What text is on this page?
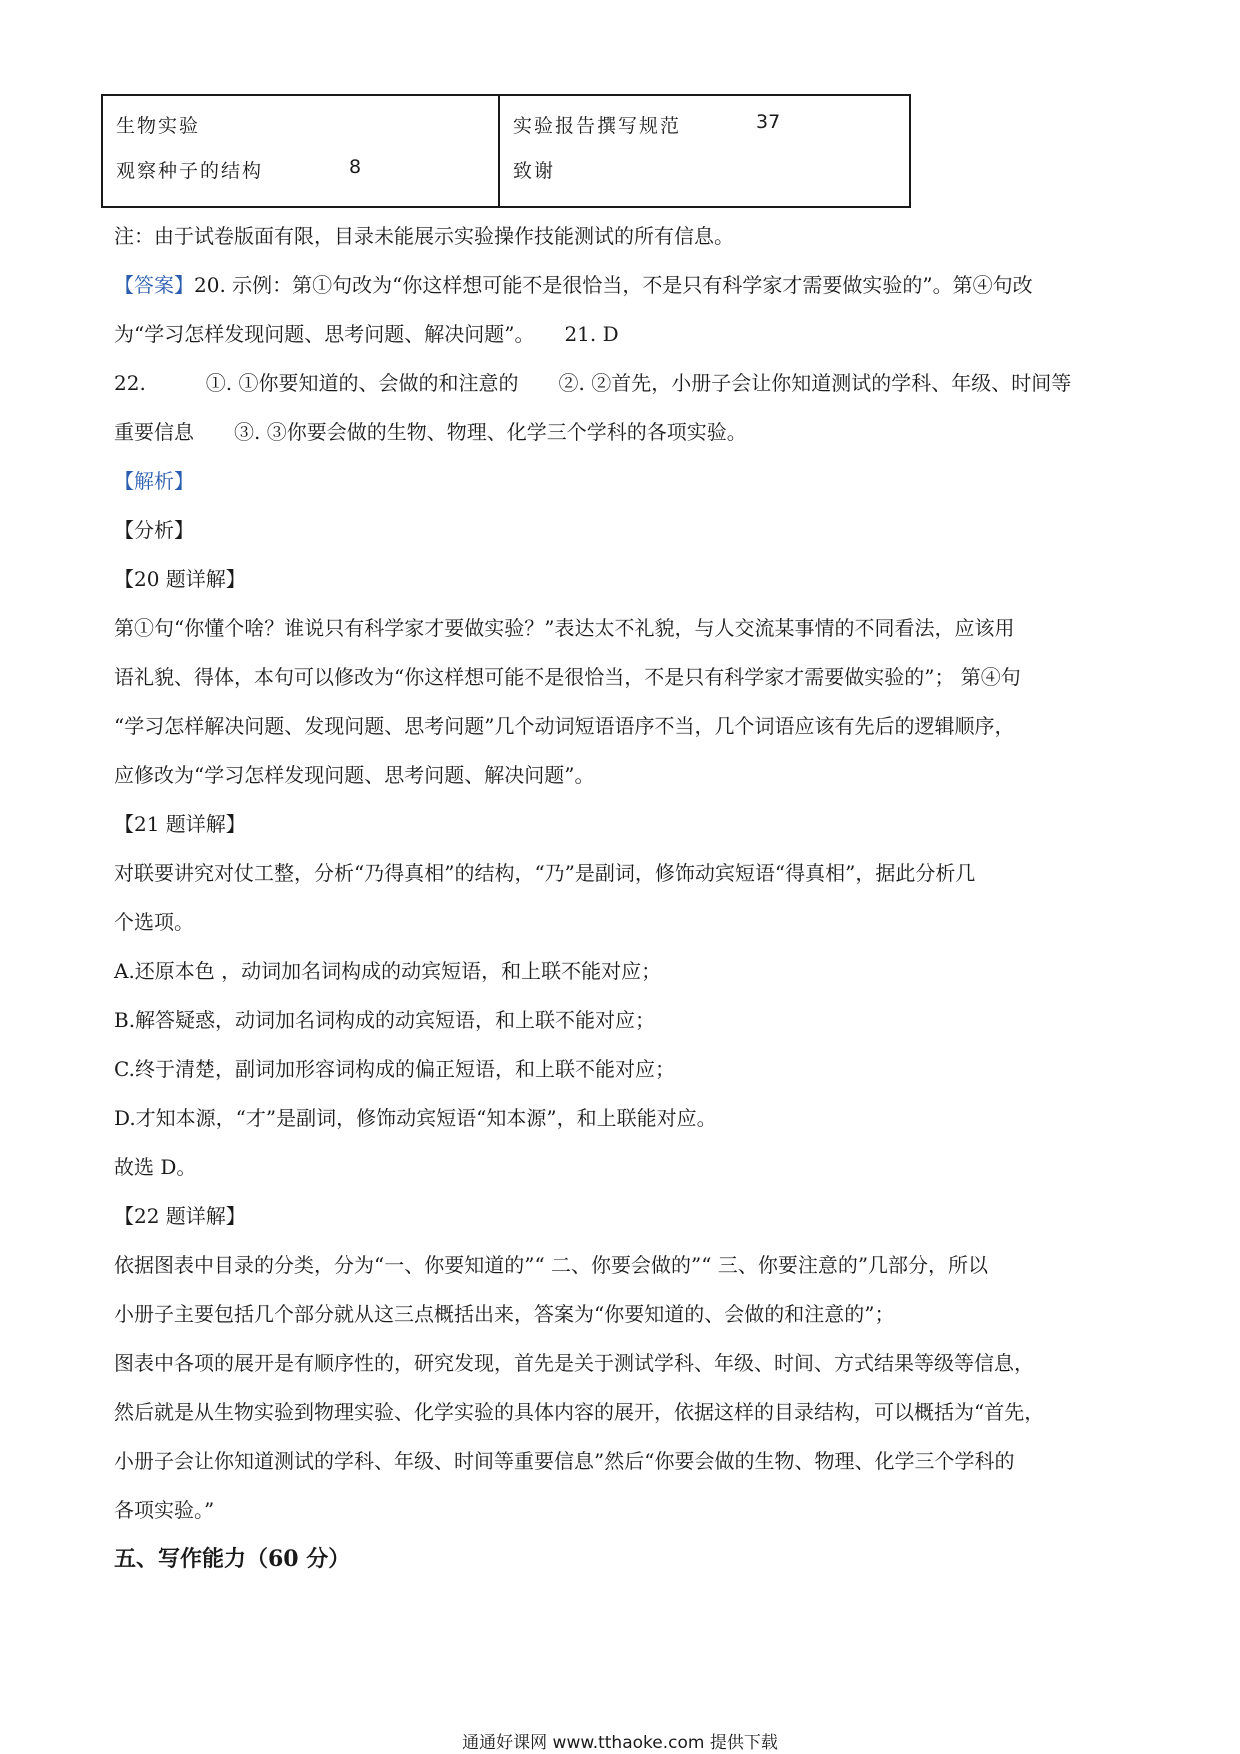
生物实验
观察种子的结构	8
实验报告撰写规范	37
致谢
注：由于试卷版面有限，目录未能展示实验操作技能测试的所有信息。
【答案】20. 示例：第①句改为“你这样想可能不是很恰当，不是只有科学家才需要做实验的”。第④句改
为“学习怎样发现问题、思考问题、解决问题”。　　21. D
22.　　　①. ①你要知道的、会做的和注意的　　②. ②首先，小册子会让你知道测试的学科、年级、时间等
重要信息　　③. ③你要会做的生物、物理、化学三个学科的各项实验。
【解析】
【分析】
【20 题详解】
第①句“你懂个啥？谁说只有科学家才要做实验？”表达太不礼貌，与人交流某事情的不同看法，应该用
语礼貌、得体，本句可以修改为“你这样想可能不是很恰当，不是只有科学家才需要做实验的”； 第④句
“学习怎样解决问题、发现问题、思考问题”几个动词短语语序不当，几个词语应该有先后的逻辑顺序，
应修改为“学习怎样发现问题、思考问题、解决问题”。
【21 题详解】
对联要讲究对仗工整，分析“乃得真相”的结构，“乃”是副词，修饰动宾短语“得真相”，据此分析几
个选项。
A.还原本色 ，动词加名词构成的动宾短语，和上联不能对应；
B.解答疑惑，动词加名词构成的动宾短语，和上联不能对应；
C.终于清楚，副词加形容词构成的偏正短语，和上联不能对应；
D.才知本源，“才”是副词，修饰动宾短语“知本源”，和上联能对应。
故选 D。
【22 题详解】
依据图表中目录的分类，分为“一、你要知道的”“ 二、你要会做的”“ 三、你要注意的”几部分，所以
小册子主要包括几个部分就从这三点概括出来，答案为“你要知道的、会做的和注意的”；
图表中各项的展开是有顺序性的，研究发现，首先是关于测试学科、年级、时间、方式结果等级等信息，
然后就是从生物实验到物理实验、化学实验的具体内容的展开，依据这样的目录结构，可以概括为“首先，
小册子会让你知道测试的学科、年级、时间等重要信息”然后“你要会做的生物、物理、化学三个学科的
各项实验。”
五、写作能力（60 分）
通通好课网 www.tthaoke.com 提供下载
